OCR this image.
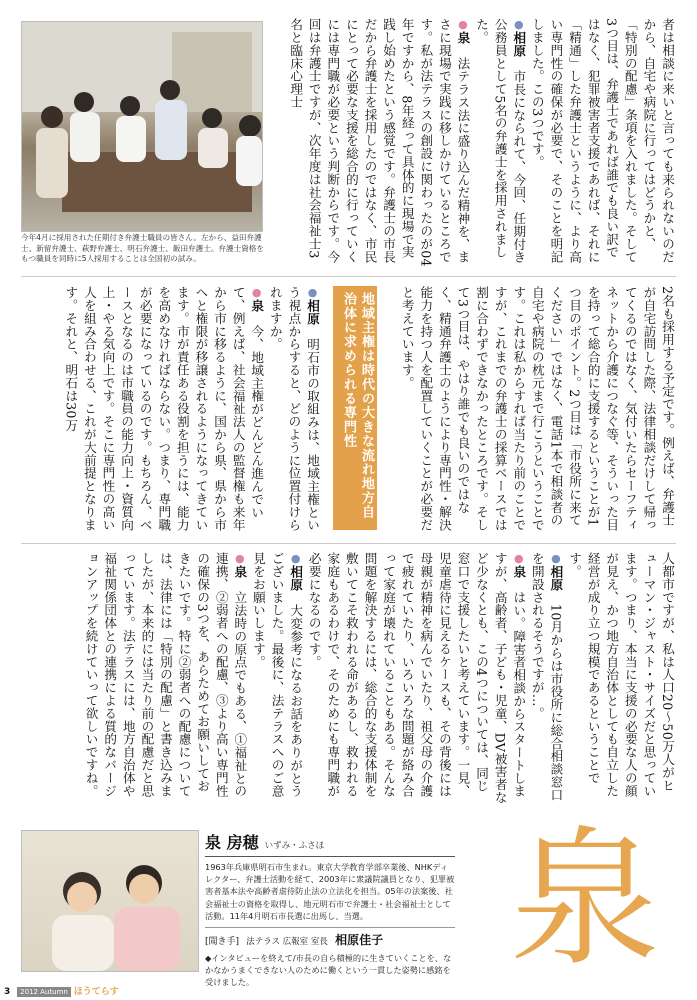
今年4月に採用された任期付き弁護士職員の皆さん。左から、益田弁護士、新留弁護士、萩野弁護士、明石弁護士、飯田弁護士。弁護士資格をもつ職員を同時に5人採用することは全国初の試み。	者は相談に来いと言っても来られないのだから、自宅や病院に行ってはどうかと、「特別の配慮」条項を入れました。そして3つ目は、弁護士であれば誰でも良い訳ではなく、犯罪被害者支援であれば、それに「精通」した弁護士というように、より高い専門性の確保が必要で、そのことを明記しました。この3つです。

●相原　市長になられて、今回、任期付き公務員として5名の弁護士を採用されました。

●泉　法テラス法に盛り込んだ精神を、まさに現場で実践に移しかけているところです。私が法テラスの創設に関わったのが04年ですから、8年経って具体的に現場で実践し始めたという感覚です。弁護士の市長だから弁護士を採用したのではなく、市民にとって必要な支援を総合的に行っていくには専門職が必要という判断からです。今回は弁護士ですが、次年度は社会福祉士3名と臨床心理士

2名も採用する予定です。例えば、弁護士が自宅訪問した際、法律相談だけして帰ってくるのではなく、気付いたらセーフティネットから介護につなぐ等、そういった目を持って総合的に支援するということが1つ目のポイント。2つ目は「市役所に来てください」ではなく、電話1本で相談者の自宅や病院の枕元まで行こうということです。これは私からすれば当たり前のことですが、これまでの弁護士の採算ベースでは割に合わずできなかったところです。そして3つ目は、やはり誰でも良いのではなく、精通弁護士のようにより専門性・解決能力を持つ人を配置していくことが必要だと考えています。

地域主権は時代の大きな流れ地方自治体に求められる専門性

●相原　明石市の取組みは、地域主権という視点からすると、どのように位置付けられますか。

●泉　今、地域主権がどんどん進んでいて、例えば、社会福祉法人の監督権も来年から市に移るように、国から県、県から市へと権限が移譲されるようになってきています。市が責任ある役割を担うには、能力を高めなければならない。つまり、専門職が必要になっているのです。もちろん、ベースとなるのは市職員の能力向上・資質向上・やる気向上です。そこに専門性の高い人を組み合わせる、これが大前提となります。それと、明石は30万

人都市ですが、私は人口20〜50万人がヒューマン・ジャスト・サイズだと思っています。つまり、本当に支援の必要な人の顔が見え、かつ地方自治体としても自立した経営が成り立つ規模であるということです。

●相原　10月からは市役所に総合相談窓口を開設されるそうですが…。

●泉　はい。障害者相談からスタートしますが、高齢者、子ども・児童、DV被害者など少なくとも、この4つについては、同じ窓口で支援したいと考えています。一見、児童虐待に見えるケースも、その背後には母親が精神を病んでいたり、祖父母の介護で疲れていたり、いろいろな問題が絡み合って家庭が壊れていることもある。そんな問題を解決するには、総合的な支援体制を敷いてこそ救われる命があるし、救われる家庭もあるわけで、そのためにも専門職が必要になるのです。

●相原　大変参考になるお話をありがとうございました。最後に、法テラスへのご意見をお願いします。

●泉　立法時の原点でもある、①福祉との連携、②弱者への配慮、③より高い専門性の確保の3つを、あらためてお願いしておきたいです。特に②弱者への配慮については、法律には「特別の配慮」と書き込みましたが、本来的には当たり前の配慮だと思っています。法テラスには、地方自治体や福祉関係団体との連携による質的なバージョンアップを続けていって欲しいですね。

泉 房穂 いずみ・ふさほ
1963年兵庫県明石市生まれ。東京大学教育学部卒業後、NHKディレクター、弁護士活動を経て、2003年に衆議院議員となり、犯罪被害者基本法や高齢者虐待防止法の立法化を担当。05年の法案後、社会福祉士の資格を取得し、地元明石市で弁護士・社会福祉士として活動。11年4月明石市長選に出馬し、当選。
[聞き手] 法テラス 広報室 室長 相原佳子
◆インタビューを終えて/市長の自ら積極的に生きていくことを、なかなかうまくできない人のために働くという一貫した姿勢に感銘を受けました。	泉
3 2012 Autumn ほうてらす
